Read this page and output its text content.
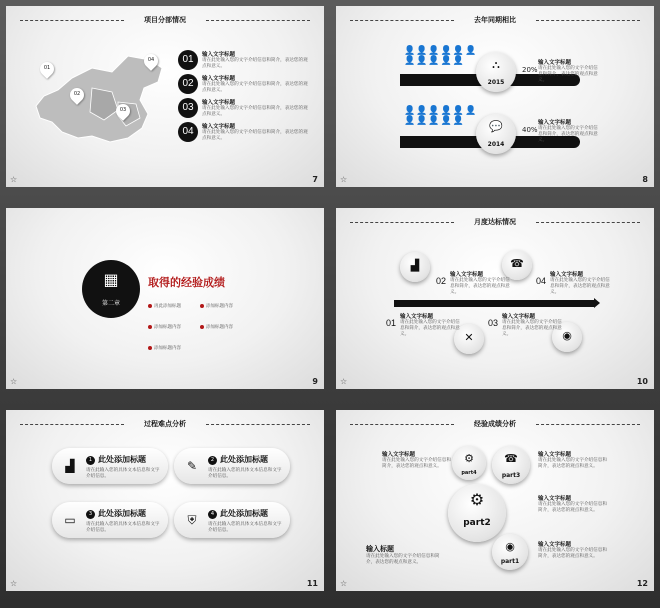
项目分部情况
01
02
03
04	01	输入文字标题
请在此处输入您的文字介绍信息和简介，表达您的观点和意义。
02	输入文字标题
请在此处输入您的文字介绍信息和简介，表达您的观点和意义。
03	输入文字标题
请在此处输入您的文字介绍信息和简介，表达您的观点和意义。
04	输入文字标题
请在此处输入您的文字介绍信息和简介，表达您的观点和意义。
☆	7
去年同期相比
👤👤👤👤👤👤
👤👤👤👤👤	⛬
2015
20%
输入文字标题
请在此处输入您的文字介绍信息和简介，表达您的观点和意义。
👤👤👤👤👤👤
👤👤👤👤👤	💬
2014
40%
输入文字标题
请在此处输入您的文字介绍信息和简介，表达您的观点和意义。
☆	8
▦
第二章
取得的经验成绩
再此添加标题	添加标题内容 添加标题内容	添加标题内容 添加标题内容
☆	9
月度达标情况
▟	☎
✕	◉
02
输入文字标题
请在此处输入您的文字介绍信息和简介，表达您的观点和意义。
04
输入文字标题
请在此处输入您的文字介绍信息和简介，表达您的观点和意义。
01
输入文字标题
请在此处输入您的文字介绍信息和简介，表达您的观点和意义。
03
输入文字标题
请在此处输入您的文字介绍信息和简介，表达您的观点和意义。
☆	10
过程难点分析
▟	1 此处添加标题
请在此输入您的具体文本信息和文字介绍信息。
✎	2 此处添加标题
请在此输入您的具体文本信息和文字介绍信息。
▭	3 此处添加标题
请在此输入您的具体文本信息和文字介绍信息。
⛨	4 此处添加标题
请在此输入您的具体文本信息和文字介绍信息。
☆	11
经验成绩分析
⚙
part4
☎
part3
⚙
part2
◉
part1
输入文字标题
请在此处输入您的文字介绍信息和简介，表达您的观点和意义。
输入文字标题
请在此处输入您的文字介绍信息和简介，表达您的观点和意义。
输入文字标题
请在此处输入您的文字介绍信息和简介，表达您的观点和意义。
输入文字标题
请在此处输入您的文字介绍信息和简介，表达您的观点和意义。
输入标题
请在此处输入您的文字介绍信息和简介，表达您的观点和意义。
☆	12
